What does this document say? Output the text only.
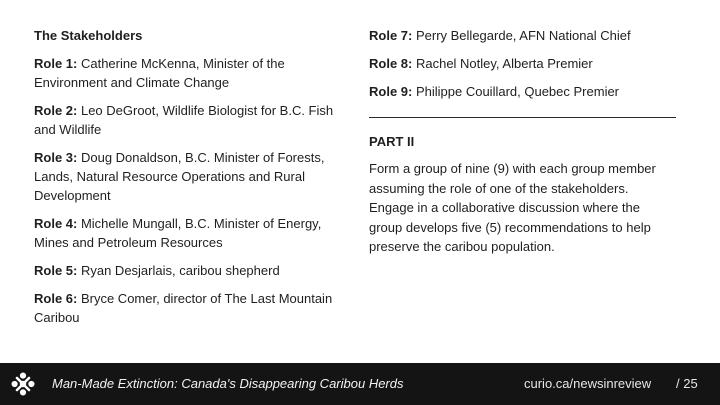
The Stakeholders
Role 1: Catherine McKenna, Minister of the Environment and Climate Change
Role 2: Leo DeGroot, Wildlife Biologist for B.C. Fish and Wildlife
Role 3: Doug Donaldson, B.C. Minister of Forests, Lands, Natural Resource Operations and Rural Development
Role 4: Michelle Mungall, B.C. Minister of Energy, Mines and Petroleum Resources
Role 5: Ryan Desjarlais, caribou shepherd
Role 6: Bryce Comer, director of The Last Mountain Caribou
Role 7: Perry Bellegarde, AFN National Chief
Role 8: Rachel Notley, Alberta Premier
Role 9: Philippe Couillard, Quebec Premier
PART II
Form a group of nine (9) with each group member assuming the role of one of the stakeholders. Engage in a collaborative discussion where the group develops five (5) recommendations to help preserve the caribou population.
Man-Made Extinction: Canada's Disappearing Caribou Herds	curio.ca/newsinreview / 25
